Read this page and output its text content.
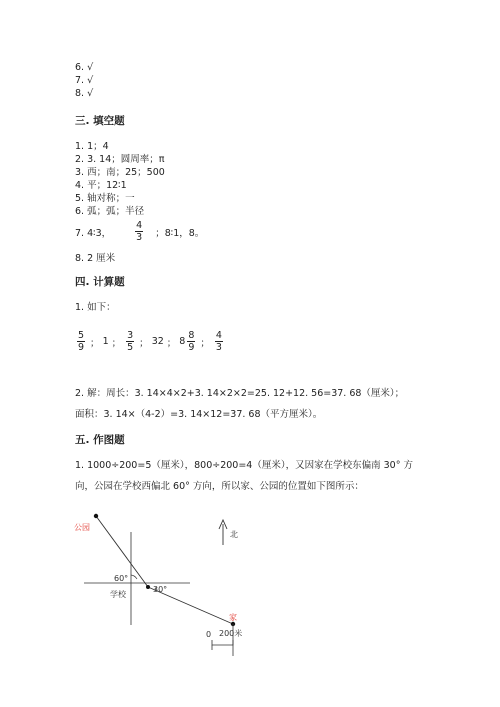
6. √
7. √
8. √
三. 填空题
1. 1；4
2. 3. 14；圆周率；π
3. 西；南；25；500
4. 平；12∶1
5. 轴对称；一
6. 弧；弧；半径
7. 4∶3，	$\frac{4}{3}$ ；8∶1，8。
8. 2 厘米
四. 计算题
1. 如下：
$\frac{5}{9}$ ； 1 ； $\frac{3}{5}$ ； 32 ； $8 \frac{8}{9}$ ； $\frac{4}{3}$
2. 解：周长：3. 14×4×2+3. 14×2×2=25. 12+12. 56=37. 68（厘米）；
面积：3. 14×（4-2）=3. 14×12=37. 68（平方厘米）。
五. 作图题
1. 1000÷200=5（厘米），800÷200=4（厘米），又因家在学校东偏南 30° 方
向，公园在学校西偏北 60° 方向，所以家、公园的位置如下图所示：
公园
60°
30°
学校
家
北
0 200米
